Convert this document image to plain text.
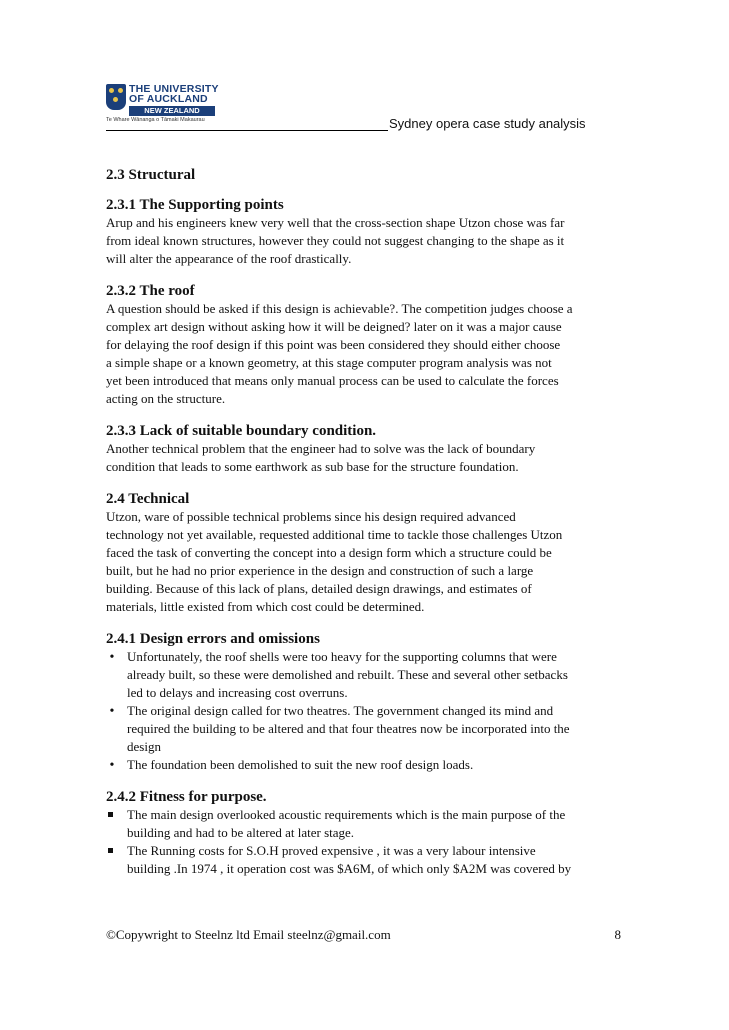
THE UNIVERSITY
OF AUCKLAND
NEW ZEALAND
Te Whare Wānanga o Tāmaki Makaurau	Sydney opera case study analysis
2.3 Structural
2.3.1 The Supporting points

Arup and his engineers knew very well that the cross-section shape Utzon chose was far
from ideal known structures, however they could not suggest changing to the shape as it
will alter the appearance of the roof drastically.

2.3.2 The roof

A question should be asked if this design is achievable?. The competition judges choose a
complex art design without asking how it will be deigned? later on it was a major cause
for delaying the roof design if this point was been considered they should either choose
a simple shape or a known geometry, at this stage computer program analysis was not
yet been introduced that means only manual process can be used to calculate the forces
acting on the structure.

2.3.3 Lack of suitable boundary condition.

Another technical problem that the engineer had to solve was the lack of boundary
condition that leads to some earthwork as sub base for the structure foundation.

2.4 Technical

Utzon, ware of possible technical problems since his design required advanced
technology not yet available, requested additional time to tackle those challenges Utzon
faced the task of converting the concept into a design form which a structure could be
built, but he had no prior experience in the design and construction of such a large
building. Because of this lack of plans, detailed design drawings, and estimates of
materials, little existed from which cost could be determined.

2.4.1 Design errors and omissions
•
Unfortunately, the roof shells were too heavy for the supporting columns that were
already built, so these were demolished and rebuilt. These and several other setbacks
led to delays and increasing cost overruns.
•
The original design called for two theatres. The government changed its mind and
required the building to be altered and that four theatres now be incorporated into the
design
•
The foundation been demolished to suit the new roof design loads.
2.4.2 Fitness for purpose.
The main design overlooked acoustic requirements which is the main purpose of the
building and had to be altered at later stage.
The Running costs for S.O.H proved expensive , it was a very labour intensive
building .In 1974 , it operation cost was $A6M, of which only $A2M was covered by
©Copywright to Steelnz ltd Email steelnz@gmail.com	8
